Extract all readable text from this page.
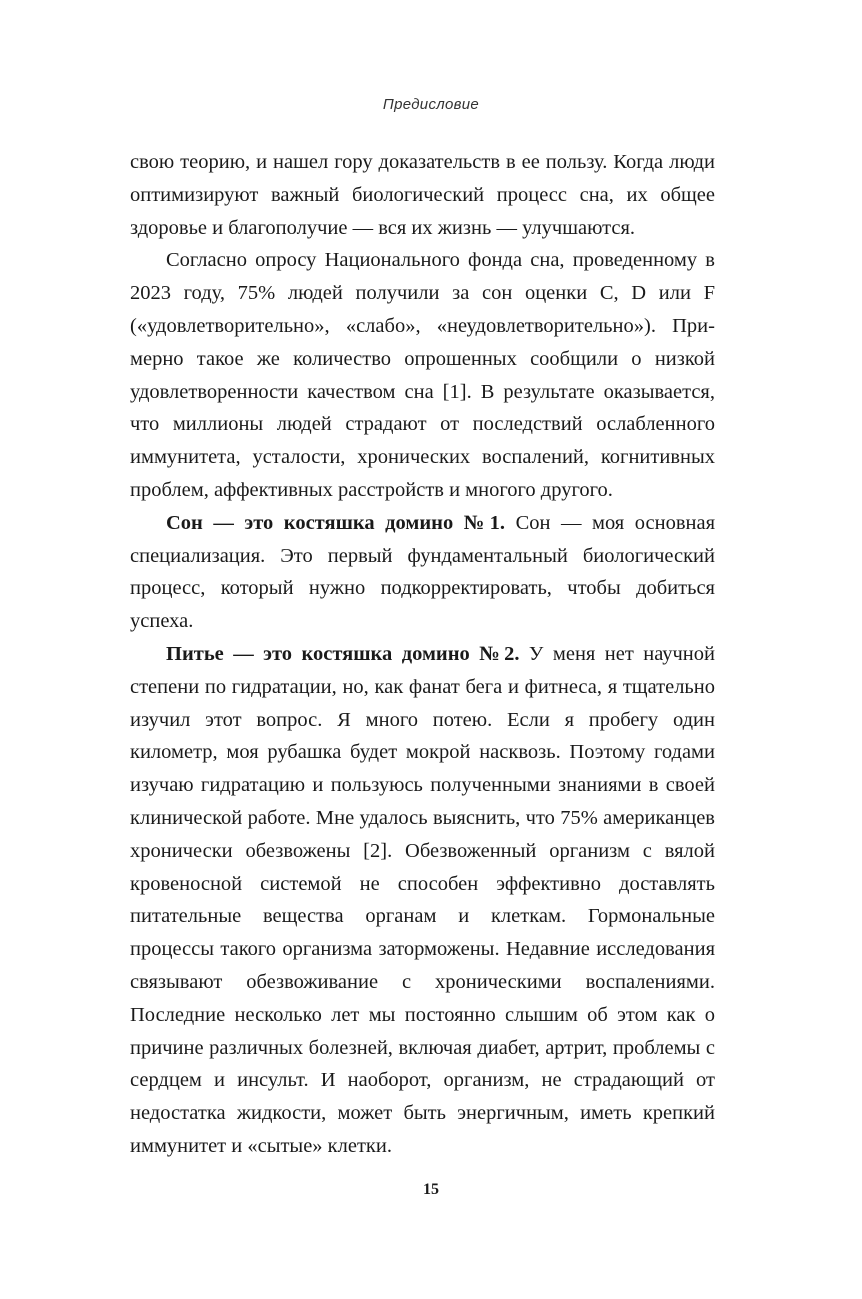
Предисловие

свою теорию, и нашел гору доказательств в ее пользу. Когда люди оптимизируют важный биологический процесс сна, их общее здоровье и благополучие — вся их жизнь — улучшаются.

Согласно опросу Национального фонда сна, проведенному в 2023 году, 75% людей получили за сон оценки C, D или F («удовлетворительно», «слабо», «неудовлетворительно»). Примерно такое же количество опрошенных сообщили о низкой удовлетворенности качеством сна [1]. В результате оказывается, что миллионы людей страдают от последствий ослабленного иммунитета, усталости, хронических воспалений, когнитивных проблем, аффективных расстройств и многого другого.

Сон — это костяшка домино №1. Сон — моя основная специализация. Это первый фундаментальный биологический процесс, который нужно подкорректировать, чтобы добиться успеха.

Питье — это костяшка домино №2. У меня нет научной степени по гидратации, но, как фанат бега и фитнеса, я тщательно изучил этот вопрос. Я много потею. Если я пробегу один километр, моя рубашка будет мокрой насквозь. Поэтому годами изучаю гидратацию и пользуюсь полученными знаниями в своей клинической работе. Мне удалось выяснить, что 75% американцев хронически обезвожены [2]. Обезвоженный организм с вялой кровеносной системой не способен эффективно доставлять питательные вещества органам и клеткам. Гормональные процессы такого организма заторможены. Недавние исследования связывают обезвоживание с хроническими воспалениями. Последние несколько лет мы постоянно слышим об этом как о причине различных болезней, включая диабет, артрит, проблемы с сердцем и инсульт. И наоборот, организм, не страдающий от недостатка жидкости, может быть энергичным, иметь крепкий иммунитет и «сытые» клетки.

15
